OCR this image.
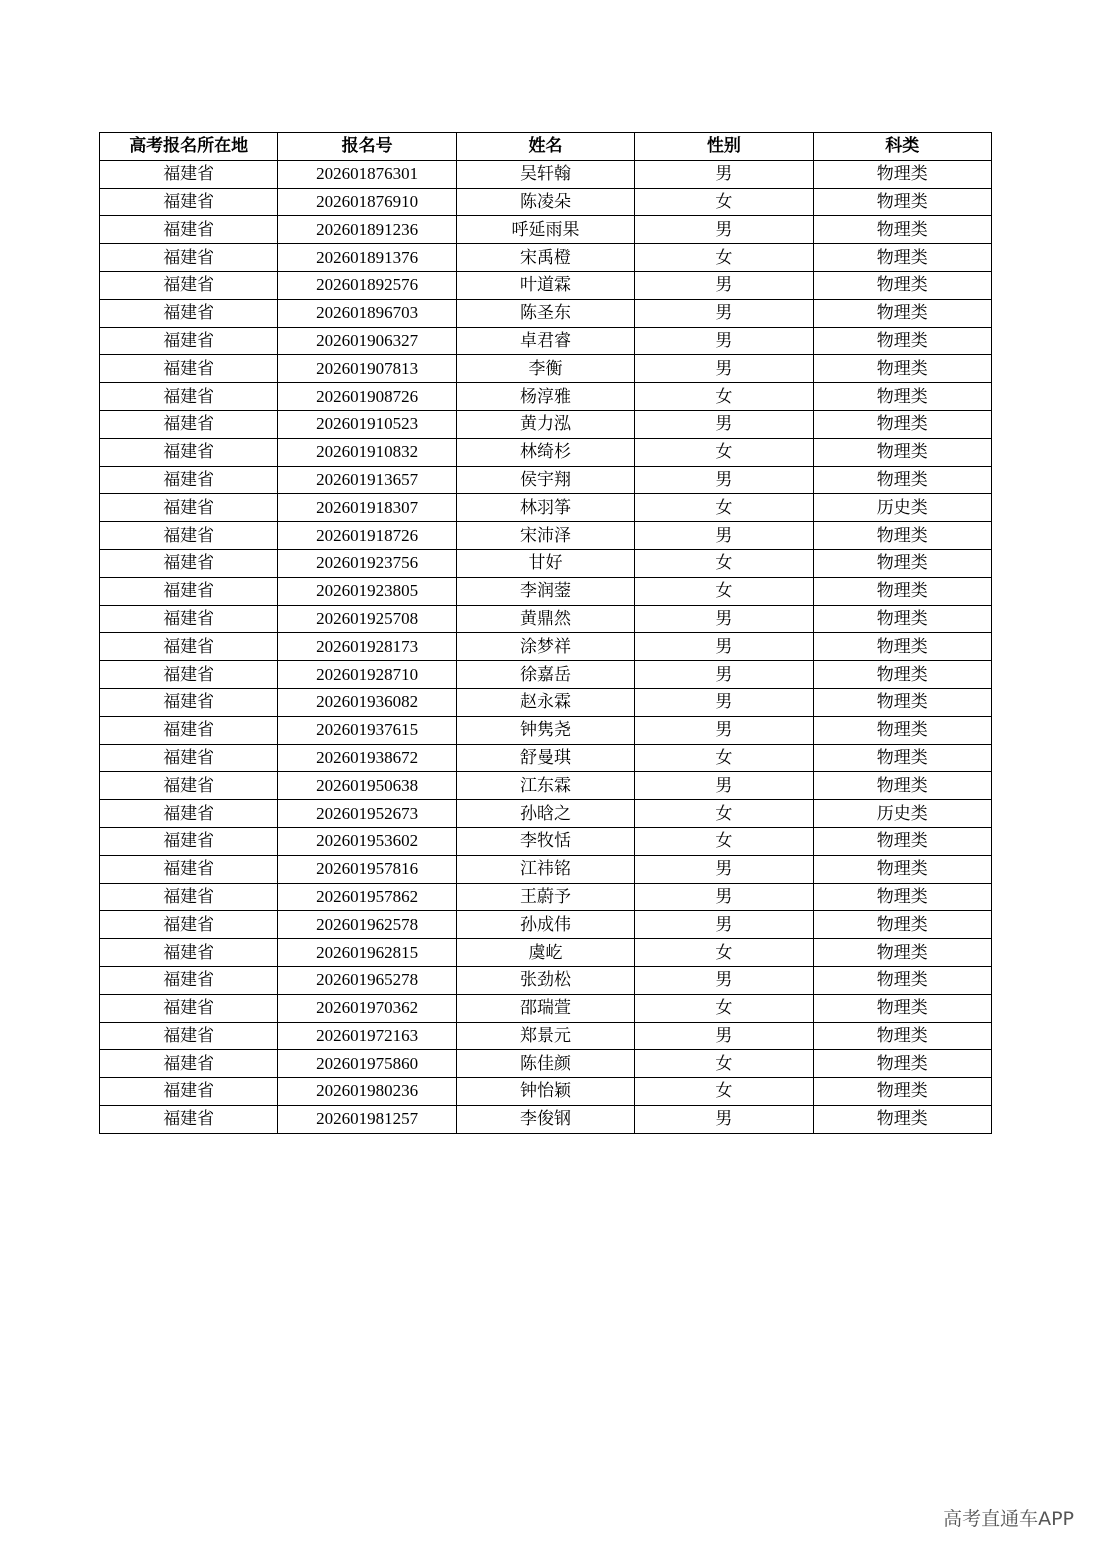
高考报名所在地	报名号	姓名	性别	科类
福建省	202601876301	吴轩翰	男	物理类
福建省	202601876910	陈凌朵	女	物理类
福建省	202601891236	呼延雨果	男	物理类
福建省	202601891376	宋禹橙	女	物理类
福建省	202601892576	叶道霖	男	物理类
福建省	202601896703	陈圣东	男	物理类
福建省	202601906327	卓君睿	男	物理类
福建省	202601907813	李衡	男	物理类
福建省	202601908726	杨淳雅	女	物理类
福建省	202601910523	黄力泓	男	物理类
福建省	202601910832	林绮杉	女	物理类
福建省	202601913657	侯宇翔	男	物理类
福建省	202601918307	林羽筝	女	历史类
福建省	202601918726	宋沛泽	男	物理类
福建省	202601923756	甘好	女	物理类
福建省	202601923805	李润蓥	女	物理类
福建省	202601925708	黄鼎然	男	物理类
福建省	202601928173	涂梦祥	男	物理类
福建省	202601928710	徐嘉岳	男	物理类
福建省	202601936082	赵永霖	男	物理类
福建省	202601937615	钟隽尧	男	物理类
福建省	202601938672	舒曼琪	女	物理类
福建省	202601950638	江东霖	男	物理类
福建省	202601952673	孙晗之	女	历史类
福建省	202601953602	李牧恬	女	物理类
福建省	202601957816	江祎铭	男	物理类
福建省	202601957862	王蔚予	男	物理类
福建省	202601962578	孙成伟	男	物理类
福建省	202601962815	虞屹	女	物理类
福建省	202601965278	张劲松	男	物理类
福建省	202601970362	邵瑞萱	女	物理类
福建省	202601972163	郑景元	男	物理类
福建省	202601975860	陈佳颜	女	物理类
福建省	202601980236	钟怡颖	女	物理类
福建省	202601981257	李俊钢	男	物理类
高考直通车APP
